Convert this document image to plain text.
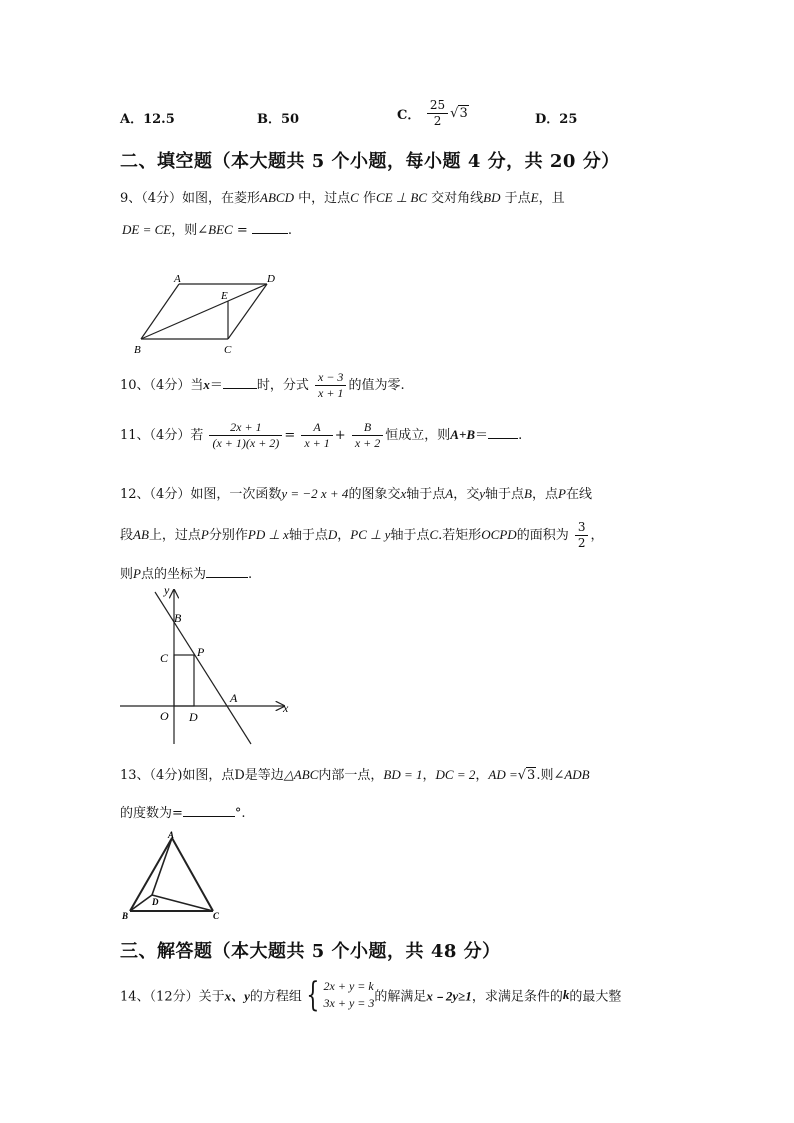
A．12.5	B．50	C． $\frac{25}{2} √3$	D．25
二、填空题（本大题共 5 个小题，每小题 4 分，共 20 分）
9、（4分）如图，在菱形ABCD 中，过点C 作CE ⊥ BC 交对角线BD 于点E，且
DE = CE，则∠BEC =	.
A	D
E
B	C
10、（4分）当x＝	时，分式 $\frac{x - 3}{x + 1}$ 的值为零.
11、（4分）若 $\frac{2x + 1}{(x + 1)(x + 2)} = \frac{A}{x + 1} + \frac{B}{x + 2}$ 恒成立，则A+B＝ .
12、（4分）如图，一次函数y = −2 x + 4的图象交x轴于点A，交y轴于点B，点P在线
段AB上，过点P分别作PD ⊥ x轴于点D，PC ⊥ y轴于点C.若矩形OCPD的面积为 $\frac{3}{2}$ ，
则P点的坐标为	.
y
x
B
C P
A
O D
13、（4分)如图，点D是等边△ABC内部一点，BD = 1，DC = 2，AD =√3.则∠ADB
的度数为=	°.
A
B	C
D
三、解答题（本大题共 5 个小题，共 48 分）
14、（12分）关于x、y的方程组 { 2x + y = k
3x + y = 3 的解满足x﹣2y≥1，求满足条件的k的最大整
